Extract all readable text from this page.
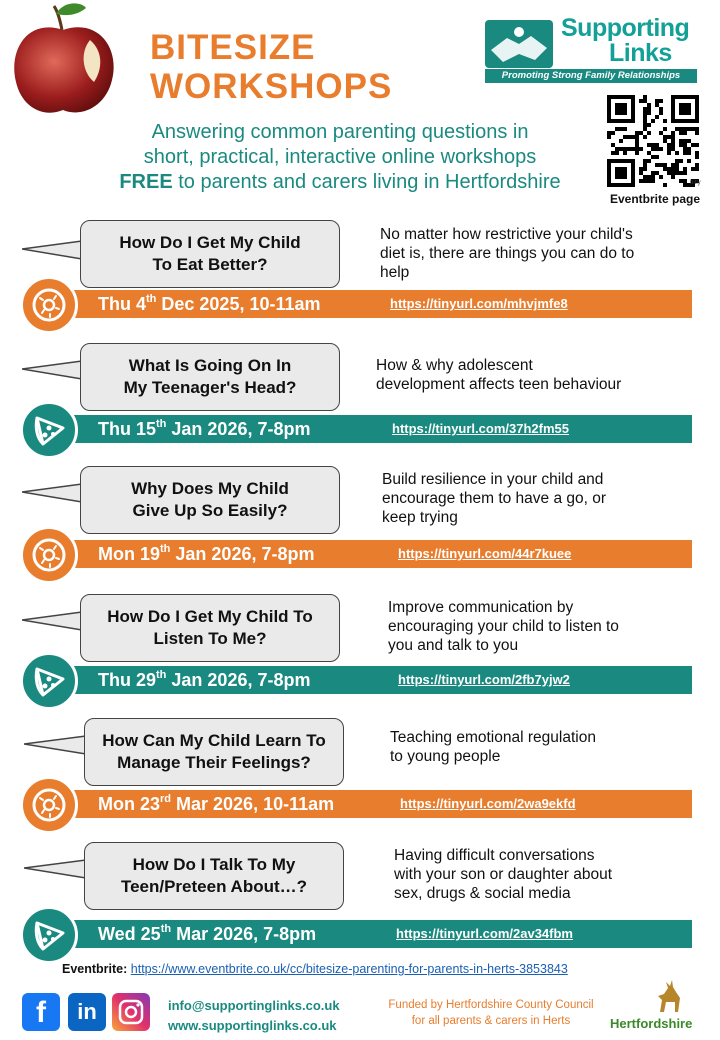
BITESIZE
WORKSHOPS
Supporting
Links
Promoting Strong Family Relationships
Answering common parenting questions in
short, practical, interactive online workshops
FREE to parents and carers living in Hertfordshire	bitly
Eventbrite page
How Do I Get My Child
To Eat Better?
No matter how restrictive your child's
diet is, there are things you can do to
help
Thu 4th Dec 2025, 10-11am	https://tinyurl.com/mhvjmfe8
What Is Going On In
My Teenager's Head?
How & why adolescent
development affects teen behaviour
Thu 15th Jan 2026, 7-8pm	https://tinyurl.com/37h2fm55
Why Does My Child
Give Up So Easily?
Build resilience in your child and
encourage them to have a go, or
keep trying
Mon 19th Jan 2026, 7-8pm	https://tinyurl.com/44r7kuee
How Do I Get My Child To
Listen To Me?
Improve communication by
encouraging your child to listen to
you and talk to you
Thu 29th Jan 2026, 7-8pm	https://tinyurl.com/2fb7yjw2
How Can My Child Learn To
Manage Their Feelings?
Teaching emotional regulation
to young people
Mon 23rd Mar 2026, 10-11am	https://tinyurl.com/2wa9ekfd
How Do I Talk To My
Teen/Preteen About…?
Having difficult conversations
with your son or daughter about
sex, drugs & social media
Wed 25th Mar 2026, 7-8pm	https://tinyurl.com/2av34fbm
Eventbrite: https://www.eventbrite.co.uk/cc/bitesize-parenting-for-parents-in-herts-3853843
f	in	info@supportinglinks.co.uk
www.supportinglinks.co.uk
Funded by Hertfordshire County Council
for all parents & carers in Herts	Hertfordshire
